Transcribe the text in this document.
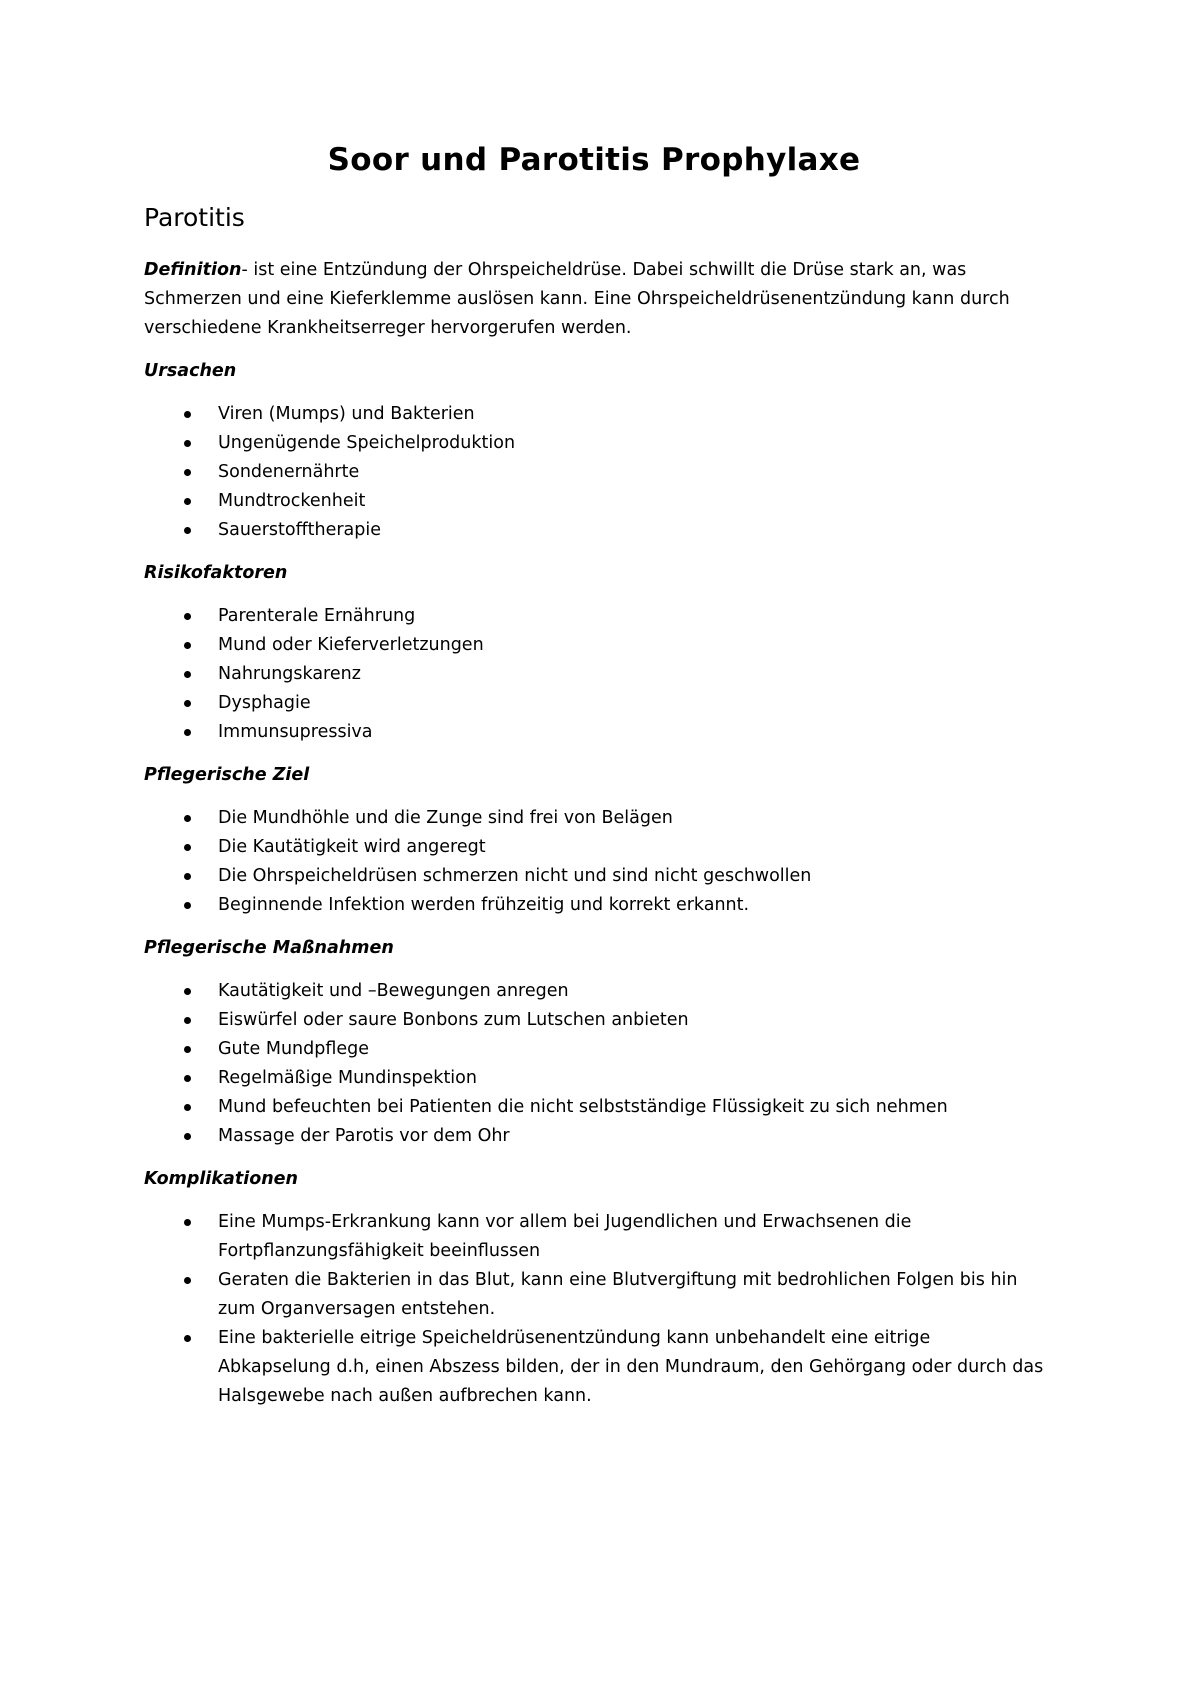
Soor und Parotitis Prophylaxe
Parotitis

Definition- ist eine Entzündung der Ohrspeicheldrüse. Dabei schwillt die Drüse stark an, was Schmerzen und eine Kieferklemme auslösen kann. Eine Ohrspeicheldrüsenentzündung kann durch verschiedene Krankheitserreger hervorgerufen werden.

Ursachen

Viren (Mumps) und Bakterien
Ungenügende Speichelproduktion
Sondenernährte
Mundtrockenheit
Sauerstofftherapie

Risikofaktoren

Parenterale Ernährung
Mund oder Kieferverletzungen
Nahrungskarenz
Dysphagie
Immunsupressiva

Pflegerische Ziel

Die Mundhöhle und die Zunge sind frei von Belägen
Die Kautätigkeit wird angeregt
Die Ohrspeicheldrüsen schmerzen nicht und sind nicht geschwollen
Beginnende Infektion werden frühzeitig und korrekt erkannt.

Pflegerische Maßnahmen

Kautätigkeit und –Bewegungen anregen
Eiswürfel oder saure Bonbons zum Lutschen anbieten
Gute Mundpflege
Regelmäßige Mundinspektion
Mund befeuchten bei Patienten die nicht selbstständige Flüssigkeit zu sich nehmen
Massage der Parotis vor dem Ohr

Komplikationen

Eine Mumps-Erkrankung kann vor allem bei Jugendlichen und Erwachsenen die Fortpflanzungsfähigkeit beeinflussen
Geraten die Bakterien in das Blut, kann eine Blutvergiftung mit bedrohlichen Folgen bis hin zum Organversagen entstehen.
Eine bakterielle eitrige Speicheldrüsenentzündung kann unbehandelt eine eitrige Abkapselung d.h, einen Abszess bilden, der in den Mundraum, den Gehörgang oder durch das Halsgewebe nach außen aufbrechen kann.
